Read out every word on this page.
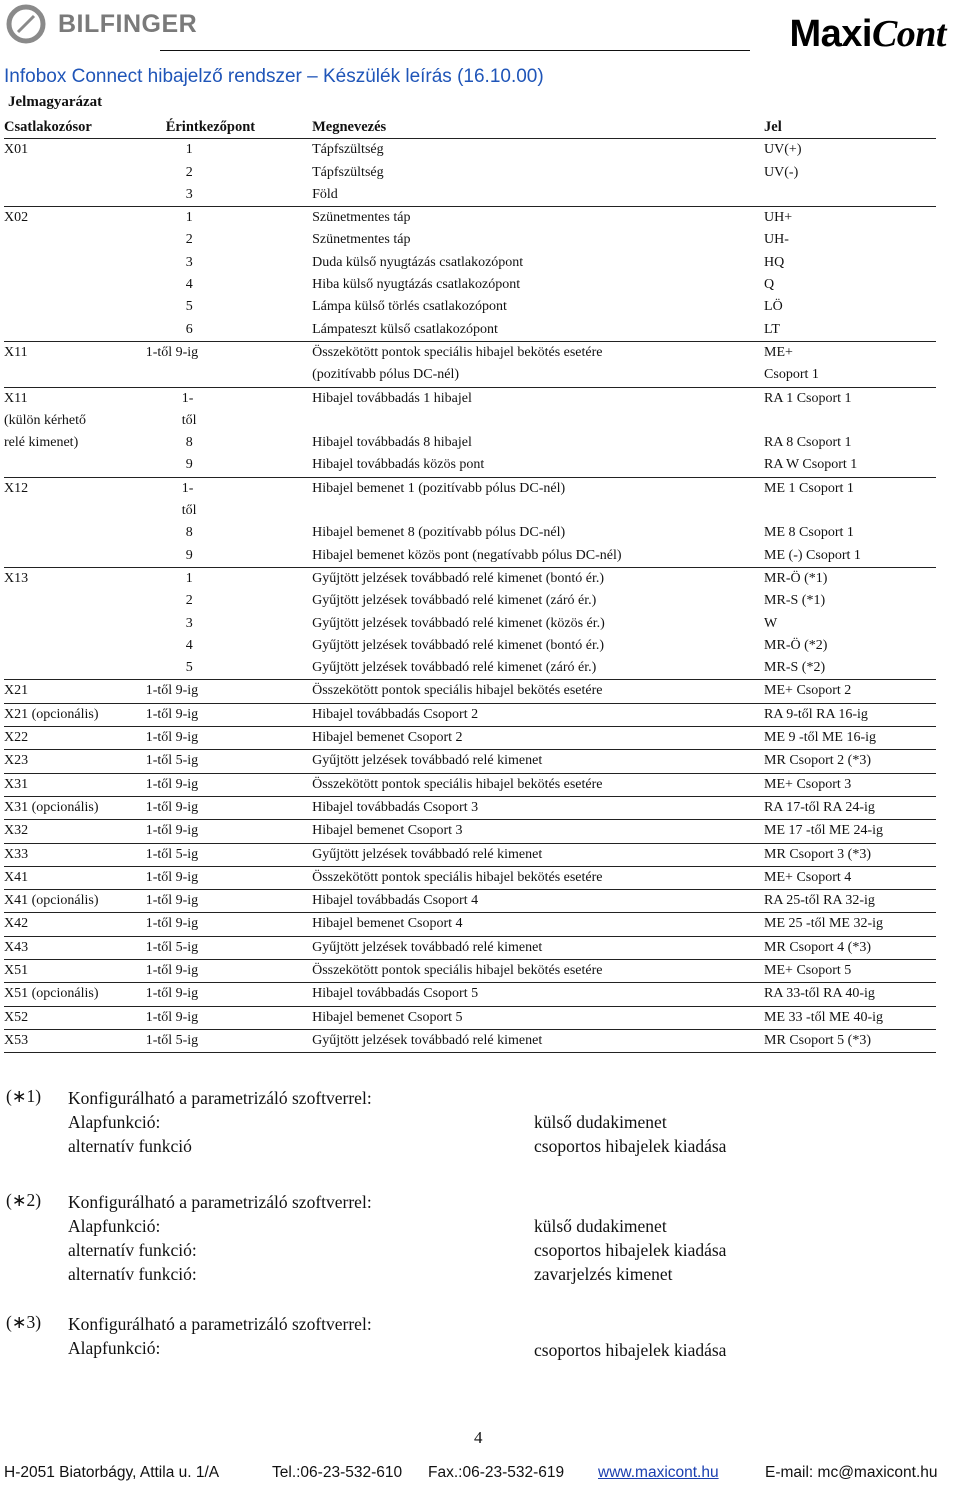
BILFINGER	MaxiCont
Infobox Connect hibajelző rendszer – Készülék leírás (16.10.00)
Jelmagyarázat
Csatlakozósor	Érintkezőpont	Megnevezés	Jel
X01	1	Tápfszültség	UV(+)
	2	Tápfszültség	UV(-)
	3	Föld	
X02	1	Szünetmentes táp	UH+
	2	Szünetmentes táp	UH-
	3	Duda külső nyugtázás csatlakozópont	HQ
	4	Hiba külső nyugtázás csatlakozópont	Q
	5	Lámpa külső törlés csatlakozópont	LÖ
	6	Lámpateszt külső csatlakozópont	LT
X11	1-től 9-ig	Összekötött pontok speciális hibajel bekötés esetére	ME+
		(pozitívabb pólus DC-nél)	Csoport 1
X11	1-	Hibajel továbbadás 1 hibajel	RA 1 Csoport 1
(külön kérhető	től		
relé kimenet)	8	Hibajel továbbadás 8 hibajel	RA 8 Csoport 1
	9	Hibajel továbbadás közös pont	RA W Csoport 1
X12	1-	Hibajel bemenet 1 (pozitívabb pólus DC-nél)	ME 1 Csoport 1
	től		
	8	Hibajel bemenet 8 (pozitívabb pólus DC-nél)	ME 8 Csoport 1
	9	Hibajel bemenet közös pont (negatívabb pólus DC-nél)	ME (-) Csoport 1
X13	1	Gyűjtött jelzések továbbadó relé kimenet (bontó ér.)	MR-Ö (*1)
	2	Gyűjtött jelzések továbbadó relé kimenet (záró ér.)	MR-S (*1)
	3	Gyűjtött jelzések továbbadó relé kimenet (közös ér.)	W
	4	Gyűjtött jelzések továbbadó relé kimenet (bontó ér.)	MR-Ö (*2)
	5	Gyűjtött jelzések továbbadó relé kimenet (záró ér.)	MR-S (*2)
X21	1-től 9-ig	Összekötött pontok speciális hibajel bekötés esetére	ME+ Csoport 2
X21 (opcionális)	1-től 9-ig	Hibajel továbbadás Csoport 2	RA 9-től RA 16-ig
X22	1-től 9-ig	Hibajel bemenet Csoport 2	ME 9 -től ME 16-ig
X23	1-től 5-ig	Gyűjtött jelzések továbbadó relé kimenet	MR Csoport 2 (*3)
X31	1-től 9-ig	Összekötött pontok speciális hibajel bekötés esetére	ME+ Csoport 3
X31 (opcionális)	1-től 9-ig	Hibajel továbbadás Csoport 3	RA 17-től RA 24-ig
X32	1-től 9-ig	Hibajel bemenet Csoport 3	ME 17 -től ME 24-ig
X33	1-től 5-ig	Gyűjtött jelzések továbbadó relé kimenet	MR Csoport 3 (*3)
X41	1-től 9-ig	Összekötött pontok speciális hibajel bekötés esetére	ME+ Csoport 4
X41 (opcionális)	1-től 9-ig	Hibajel továbbadás Csoport 4	RA 25-től RA 32-ig
X42	1-től 9-ig	Hibajel bemenet Csoport 4	ME 25 -től ME 32-ig
X43	1-től 5-ig	Gyűjtött jelzések továbbadó relé kimenet	MR Csoport 4 (*3)
X51	1-től 9-ig	Összekötött pontok speciális hibajel bekötés esetére	ME+ Csoport 5
X51 (opcionális)	1-től 9-ig	Hibajel továbbadás Csoport 5	RA 33-től RA 40-ig
X52	1-től 9-ig	Hibajel bemenet Csoport 5	ME 33 -től ME 40-ig
X53	1-től 5-ig	Gyűjtött jelzések továbbadó relé kimenet	MR Csoport 5 (*3)
(∗1) Konfigurálható a parametrizáló szoftverrel:
Alapfunkció:	külső dudakimenet
alternatív funkció	csoportos hibajelek kiadása
(∗2) Konfigurálható a parametrizáló szoftverrel:
Alapfunkció:	külső dudakimenet
alternatív funkció:	csoportos hibajelek kiadása
alternatív funkció:	zavarjelzés kimenet
(∗3) Konfigurálható a parametrizáló szoftverrel:
Alapfunkció:	csoportos hibajelek kiadása
4
H-2051 Biatorbágy, Attila u. 1/A	Tel.:06-23-532-610 Fax.:06-23-532-619 www.maxicont.hu	E-mail: mc@maxicont.hu
